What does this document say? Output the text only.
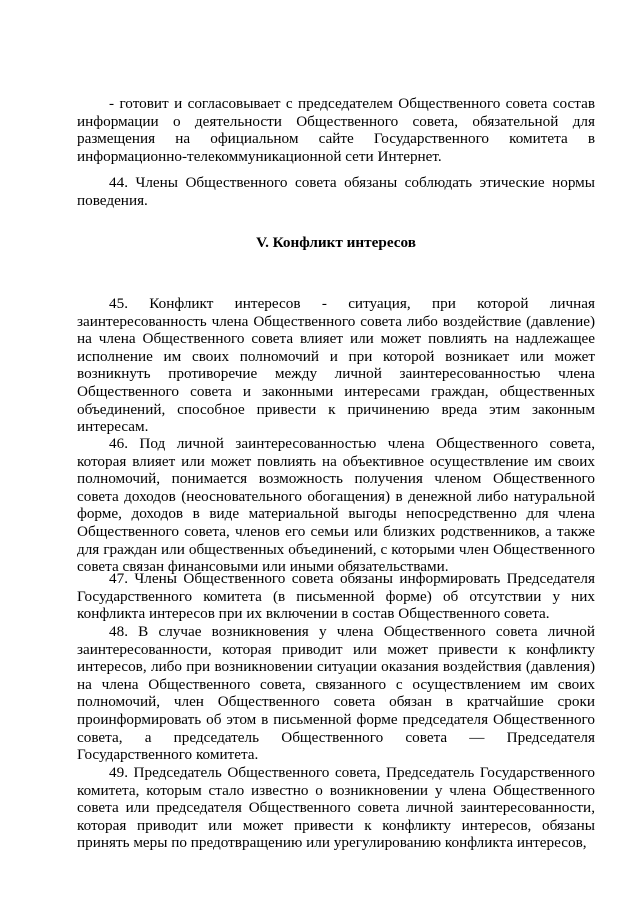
- готовит и согласовывает с председателем Общественного совета состав информации о деятельности Общественного совета, обязательной для размещения на официальном сайте Государственного комитета в информационно-телекоммуникационной сети Интернет.

44. Члены Общественного совета обязаны соблюдать этические нормы поведения.

V. Конфликт интересов

45. Конфликт интересов - ситуация, при которой личная заинтересованность члена Общественного совета либо воздействие (давление) на члена Общественного совета влияет или может повлиять на надлежащее исполнение им своих полномочий и при которой возникает или может возникнуть противоречие между личной заинтересованностью члена Общественного совета и законными интересами граждан, общественных объединений, способное привести к причинению вреда этим законным интересам.

46. Под личной заинтересованностью члена Общественного совета, которая влияет или может повлиять на объективное осуществление им своих полномочий, понимается возможность получения членом Общественного совета доходов (неосновательного обогащения) в денежной либо натуральной форме, доходов в виде материальной выгоды непосредственно для члена Общественного совета, членов его семьи или близких родственников, а также для граждан или общественных объединений, с которыми член Общественного совета связан финансовыми или иными обязательствами.

47. Члены Общественного совета обязаны информировать Председателя Государственного комитета (в письменной форме) об отсутствии у них конфликта интересов при их включении в состав Общественного совета.

48. В случае возникновения у члена Общественного совета личной заинтересованности, которая приводит или может привести к конфликту интересов, либо при возникновении ситуации оказания воздействия (давления) на члена Общественного совета, связанного с осуществлением им своих полномочий, член Общественного совета обязан в кратчайшие сроки проинформировать об этом в письменной форме председателя Общественного совета, а председатель Общественного совета — Председателя Государственного комитета.

49. Председатель Общественного совета, Председатель Государственного комитета, которым стало известно о возникновении у члена Общественного совета или председателя Общественного совета личной заинтересованности, которая приводит или может привести к конфликту интересов, обязаны принять меры по предотвращению или урегулированию конфликта интересов,
